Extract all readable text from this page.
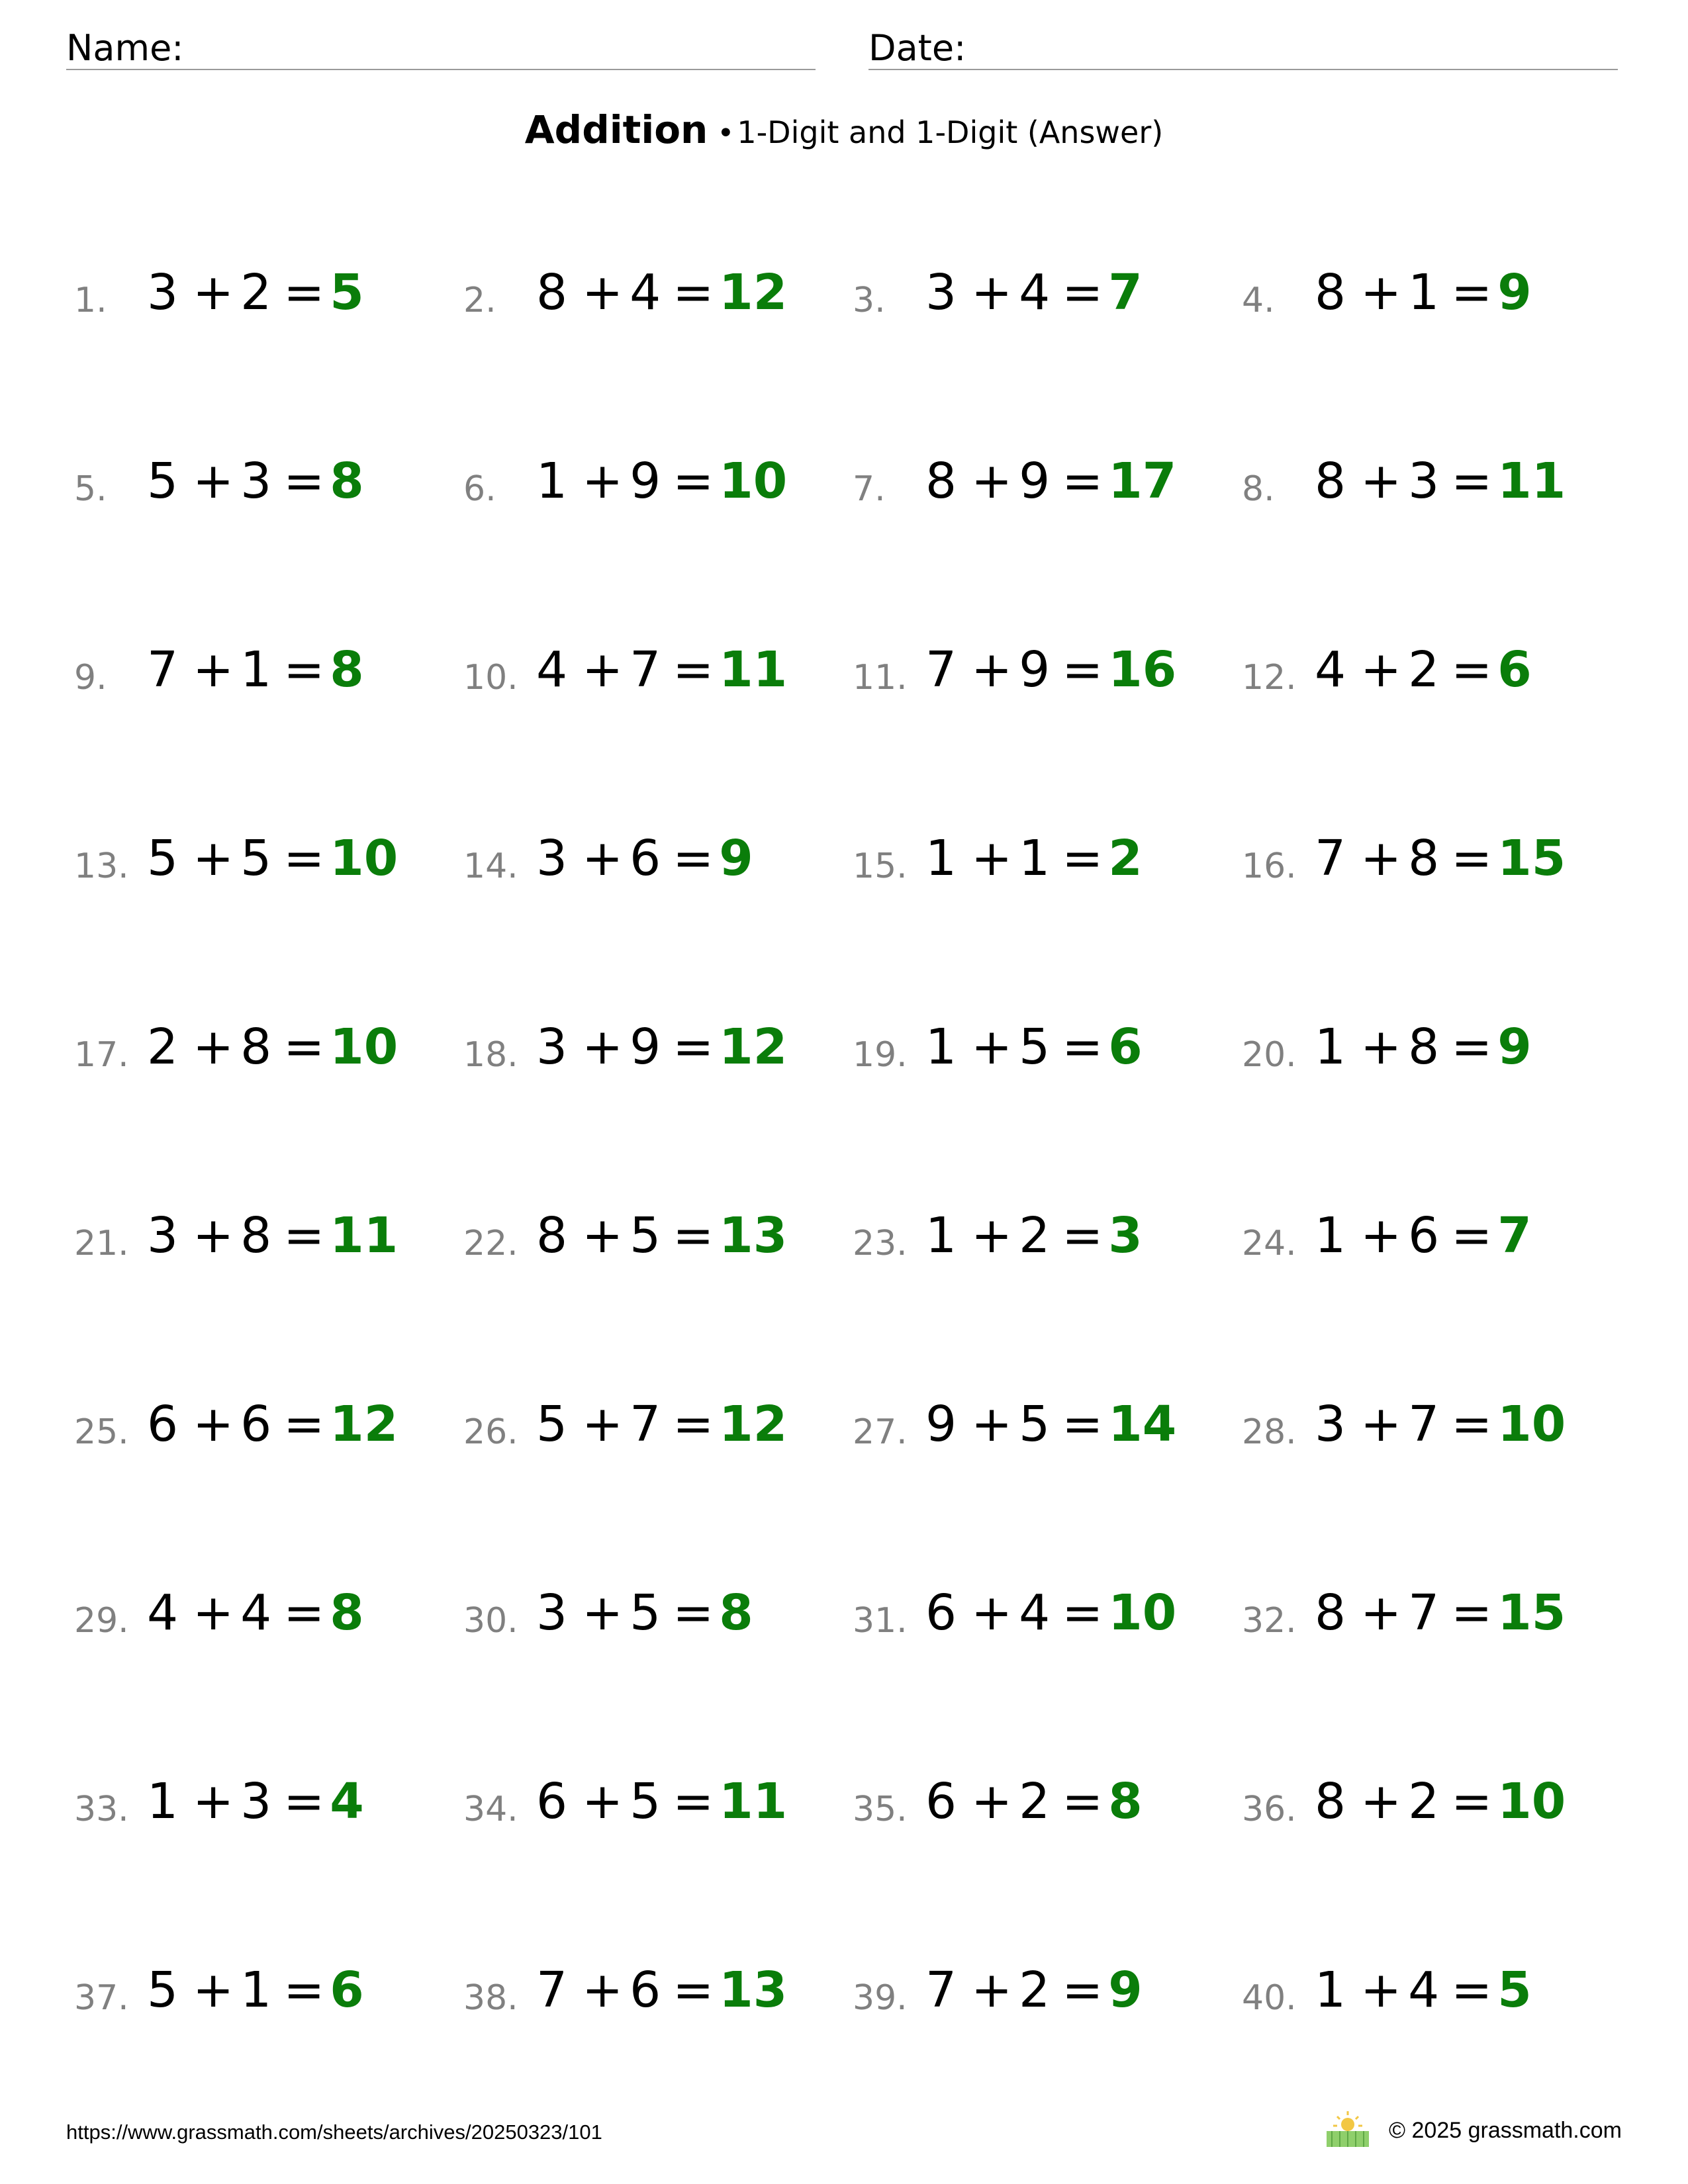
Name:	Date:
Addition •1-Digit and 1-Digit (Answer)
1. 3 + 2 = 5	2. 8 + 4 = 12 3. 3 + 4 = 7	4. 8 + 1 = 9
5. 5 + 3 = 8	6. 1 + 9 = 10 7. 8 + 9 = 17 8. 8 + 3 = 11
9. 7 + 1 = 8	10. 4 + 7 = 11 11. 7 + 9 = 16 12. 4 + 2 = 6
13. 5 + 5 = 10 14. 3 + 6 = 9	15. 1 + 1 = 2	16. 7 + 8 = 15
17. 2 + 8 = 10 18. 3 + 9 = 12 19. 1 + 5 = 6	20. 1 + 8 = 9
21. 3 + 8 = 11 22. 8 + 5 = 13 23. 1 + 2 = 3	24. 1 + 6 = 7
25. 6 + 6 = 12 26. 5 + 7 = 12 27. 9 + 5 = 14 28. 3 + 7 = 10
29. 4 + 4 = 8	30. 3 + 5 = 8	31. 6 + 4 = 10 32. 8 + 7 = 15
33. 1 + 3 = 4	34. 6 + 5 = 11 35. 6 + 2 = 8	36. 8 + 2 = 10
37. 5 + 1 = 6	38. 7 + 6 = 13 39. 7 + 2 = 9	40. 1 + 4 = 5
https://www.grassmath.com/sheets/archives/20250323/101	© 2025 grassmath.com
